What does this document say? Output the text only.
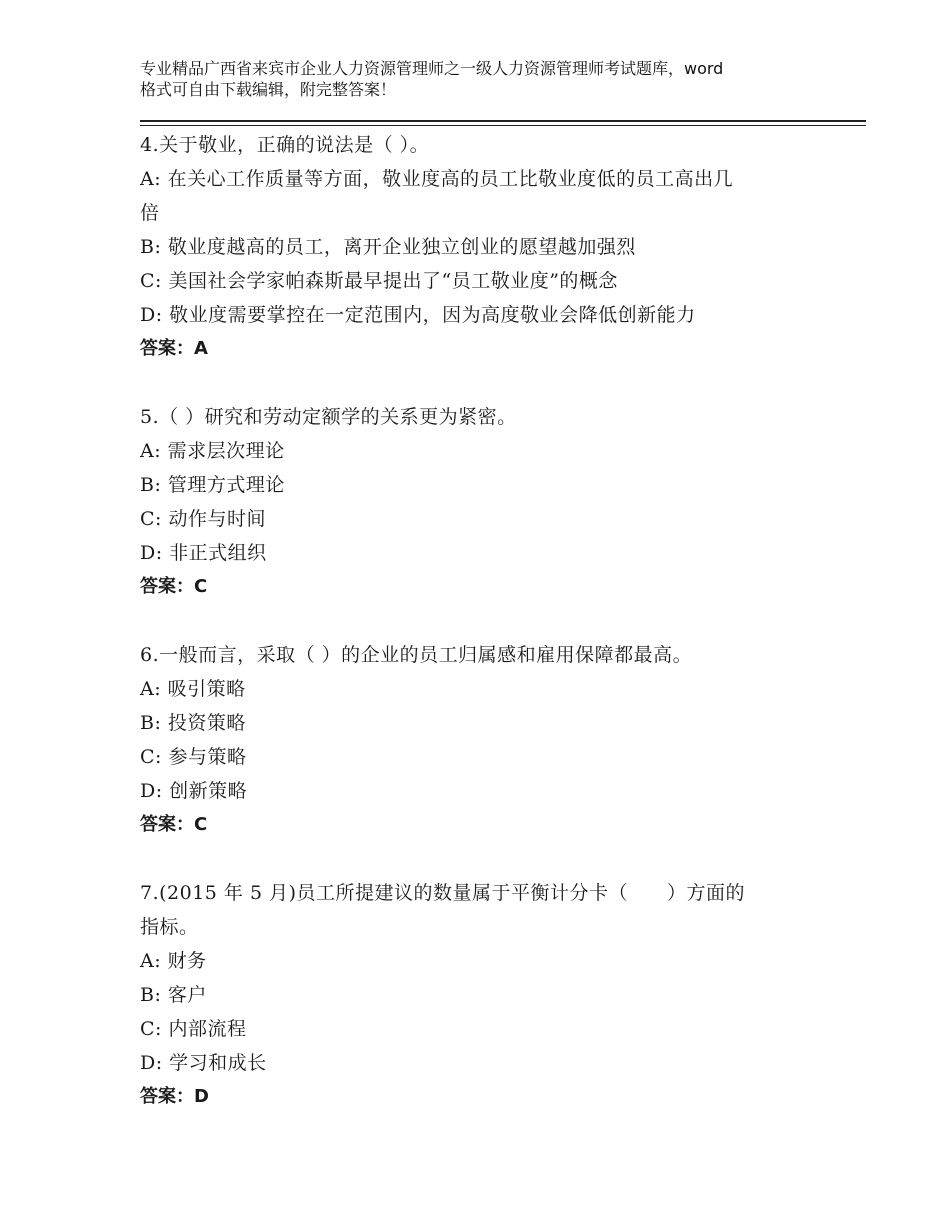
专业精品广西省来宾市企业人力资源管理师之一级人力资源管理师考试题库，word
格式可自由下载编辑，附完整答案！
4.关于敬业，正确的说法是（ ）。
A: 在关心工作质量等方面，敬业度高的员工比敬业度低的员工高出几
倍
B: 敬业度越高的员工，离开企业独立创业的愿望越加强烈
C: 美国社会学家帕森斯最早提出了“员工敬业度”的概念
D: 敬业度需要掌控在一定范围内，因为高度敬业会降低创新能力
答案：A
5.（ ）研究和劳动定额学的关系更为紧密。
A: 需求层次理论
B: 管理方式理论
C: 动作与时间
D: 非正式组织
答案：C
6.一般而言，采取（ ）的企业的员工归属感和雇用保障都最高。
A: 吸引策略
B: 投资策略
C: 参与策略
D: 创新策略
答案：C
7.(2015 年 5 月)员工所提建议的数量属于平衡计分卡（　　）方面的
指标。
A: 财务
B: 客户
C: 内部流程
D: 学习和成长
答案：D
